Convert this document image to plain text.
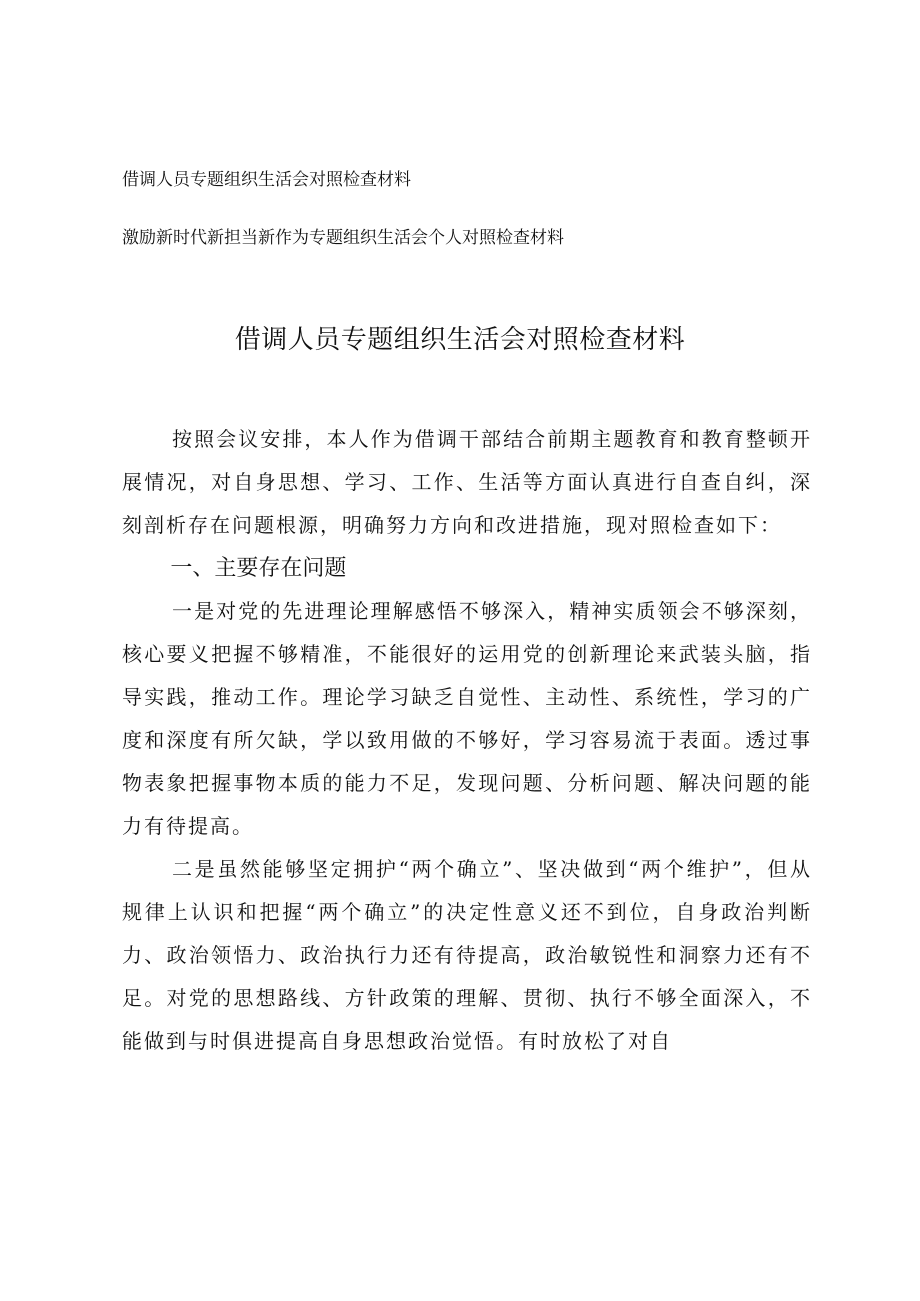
借调人员专题组织生活会对照检查材料
激励新时代新担当新作为专题组织生活会个人对照检查材料
借调人员专题组织生活会对照检查材料

按照会议安排，本人作为借调干部结合前期主题教育和教育整顿开展情况，对自身思想、学习、工作、生活等方面认真进行自查自纠，深刻剖析存在问题根源，明确努力方向和改进措施，现对照检查如下：

一、主要存在问题

一是对党的先进理论理解感悟不够深入，精神实质领会不够深刻，核心要义把握不够精准，不能很好的运用党的创新理论来武装头脑，指导实践，推动工作。理论学习缺乏自觉性、主动性、系统性，学习的广度和深度有所欠缺，学以致用做的不够好，学习容易流于表面。透过事物表象把握事物本质的能力不足，发现问题、分析问题、解决问题的能力有待提高。

二是虽然能够坚定拥护“两个确立”、坚决做到“两个维护”，但从规律上认识和把握“两个确立”的决定性意义还不到位，自身政治判断力、政治领悟力、政治执行力还有待提高，政治敏锐性和洞察力还有不足。对党的思想路线、方针政策的理解、贯彻、执行不够全面深入，不能做到与时俱进提高自身思想政治觉悟。有时放松了对自
